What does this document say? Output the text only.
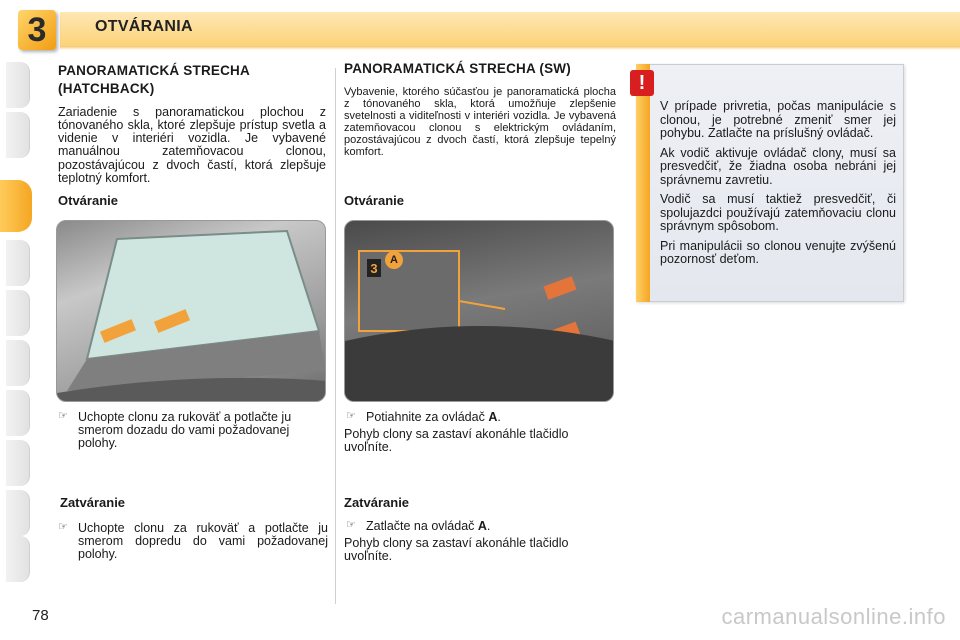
3	OTVÁRANIA
PANORAMATICKÁ STRECHA (HATCHBACK)
Zariadenie s panoramatickou plochou z tónovaného skla, ktoré zlepšuje prístup svetla a videnie v interiéri vozidla. Je vybavené manuálnou zatemňovacou clonou, pozostávajúcou z dvoch častí, ktorá zlepšuje teplotný komfort.
Otváranie
☞ Uchopte clonu za rukoväť a potlačte ju smerom dozadu do vami požadovanej polohy.
Zatváranie
☞ Uchopte clonu za rukoväť a potlačte ju smerom dopredu do vami požadovanej polohy.
PANORAMATICKÁ STRECHA (SW)
Vybavenie, ktorého súčasťou je panoramatická plocha z tónovaného skla, ktorá umožňuje zlepšenie svetelnosti a viditeľnosti v interiéri vozidla. Je vybavená zatemňovacou clonou s elektrickým ovládaním, pozostávajúcou z dvoch častí, ktorá zlepšuje tepelný komfort.
Otváranie
3
A
☞ Potiahnite za ovládač A.
Pohyb clony sa zastaví akonáhle tlačidlo uvoľníte.
Zatváranie
☞ Zatlačte na ovládač A.
Pohyb clony sa zastaví akonáhle tlačidlo uvoľníte.
!

V prípade privretia, počas manipulácie s clonou, je potrebné zmeniť smer jej pohybu. Zatlačte na príslušný ovládač.

Ak vodič aktivuje ovládač clony, musí sa presvedčiť, že žiadna osoba nebráni jej správnemu zavretiu.

Vodič sa musí taktiež presvedčiť, či spolujazdci používajú zatemňovaciu clonu správnym spôsobom.

Pri manipulácii so clonou venujte zvýšenú pozornosť deťom.

78	carmanualsonline.info
